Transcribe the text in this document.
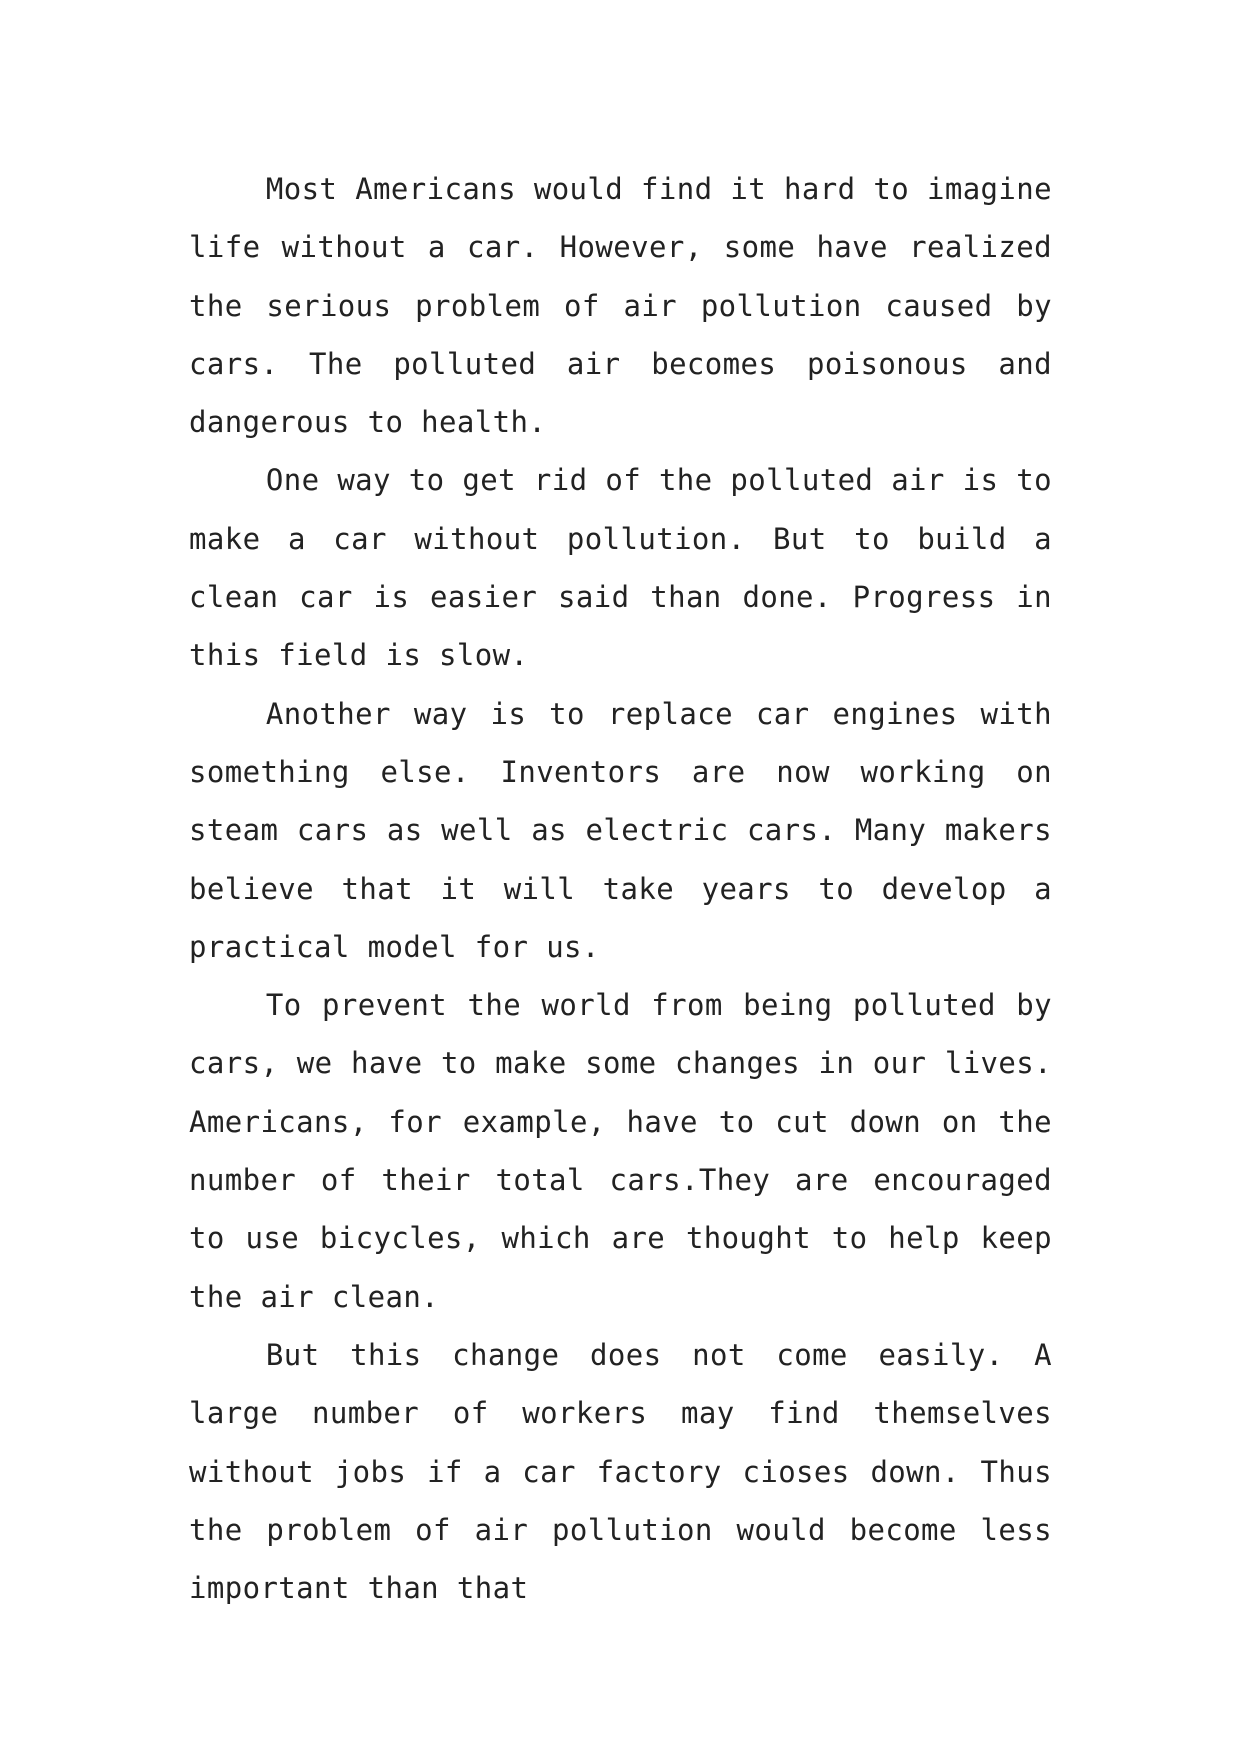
Most Americans would find it hard to imagine life without a car. However, some have realized the serious problem of air pollution caused by cars. The polluted air becomes poisonous and dangerous to health.

One way to get rid of the polluted air is to make a car without pollution. But to build a clean car is easier said than done. Progress in this field is slow.

Another way is to replace car engines with something else. Inventors are now working on steam cars as well as electric cars. Many makers believe that it will take years to develop a practical model for us.

To prevent the world from being polluted by cars, we have to make some changes in our lives. Americans, for example, have to cut down on the number of their total cars.They are encouraged to use bicycles, which are thought to help keep the air clean.

But this change does not come easily. A large number of workers may find themselves without jobs if a car factory cioses down. Thus the problem of air pollution would become less important than that
